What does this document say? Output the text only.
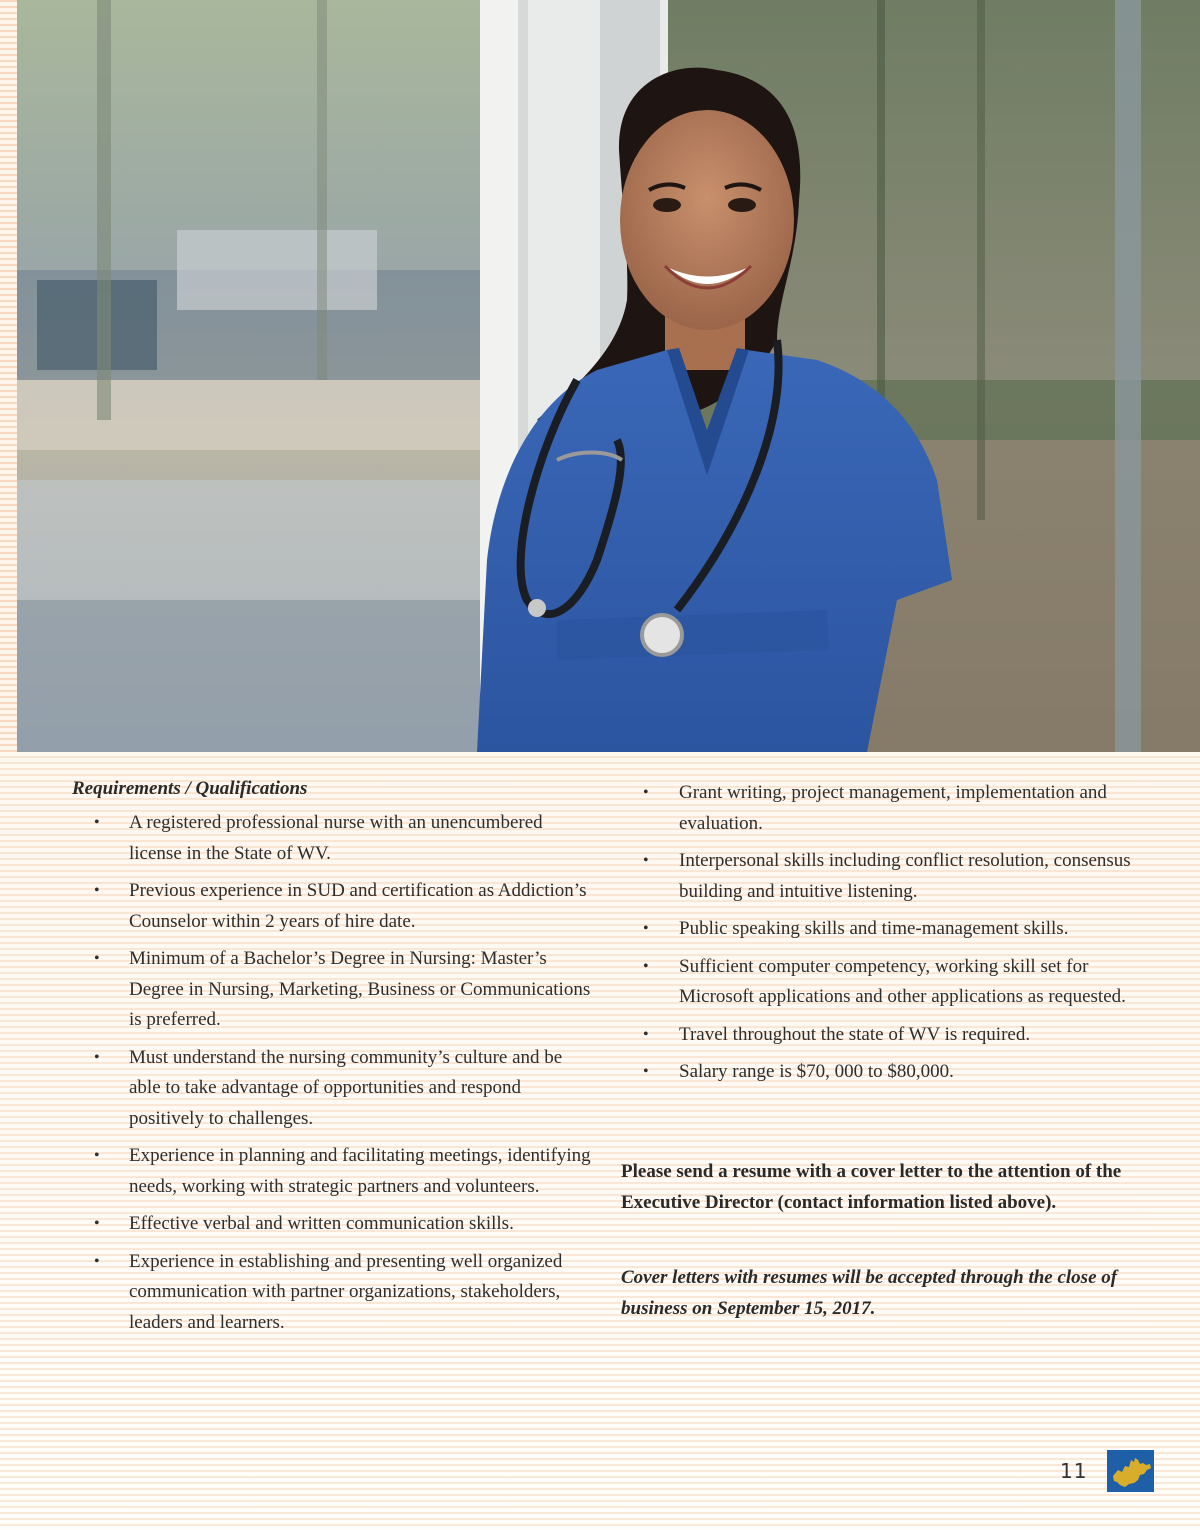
Requirements / Qualifications
• A registered professional nurse with an unencumbered license in the State of WV.
• Previous experience in SUD and certification as Addiction’s Counselor within 2 years of hire date.
• Minimum of a Bachelor’s Degree in Nursing: Master’s Degree in Nursing, Marketing, Business or Communications is preferred.
• Must understand the nursing community’s culture and be able to take advantage of opportunities and respond positively to challenges.
• Experience in planning and facilitating meetings, identifying needs, working with strategic partners and volunteers.
• Effective verbal and written communication skills.
• Experience in establishing and presenting well organized communication with partner organizations, stakeholders, leaders and learners.
• Grant writing, project management, implementation and evaluation.
• Interpersonal skills including conflict resolution, consensus building and intuitive listening.
• Public speaking skills and time-management skills.
• Sufficient computer competency, working skill set for Microsoft applications and other applications as requested.
• Travel throughout the state of WV is required.
• Salary range is $70, 000 to $80,000.
Please send a resume with a cover letter to the attention of the Executive Director (contact information listed above).
Cover letters with resumes will be accepted through the close of business on September 15, 2017.
11
